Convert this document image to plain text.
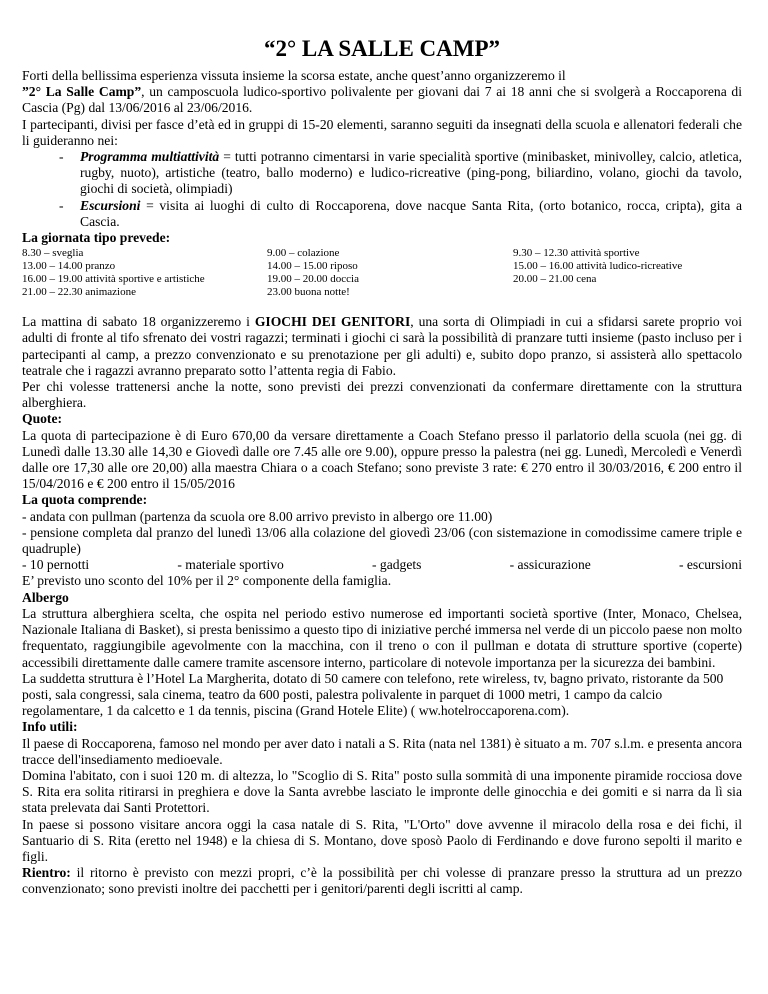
“2° LA SALLE CAMP”

Forti della bellissima esperienza vissuta insieme la scorsa estate, anche quest’anno organizzeremo il

”2° La Salle Camp”, un camposcuola ludico-sportivo polivalente per giovani dai 7 ai 18 anni che si svolgerà a Roccaporena di Cascia (Pg) dal 13/06/2016 al 23/06/2016.

I partecipanti, divisi per fasce d’età ed in gruppi di 15-20 elementi, saranno seguiti da insegnati della scuola e allenatori federali che li guideranno nei:

- Programma multiattività = tutti potranno cimentarsi in varie specialità sportive (minibasket, minivolley, calcio, atletica, rugby, nuoto), artistiche (teatro, ballo moderno) e ludico-ricreative (ping-pong, biliardino, volano, giochi da tavolo, giochi di società, olimpiadi)
- Escursioni = visita ai luoghi di culto di Roccaporena, dove nacque Santa Rita, (orto botanico, rocca, cripta), gita a Cascia.

La giornata tipo prevede:

8.30 – sveglia	9.00 – colazione	9.30 – 12.30 attività sportive
13.00 – 14.00 pranzo	14.00 – 15.00 riposo	15.00 – 16.00 attività ludico-ricreative
16.00 – 19.00 attività sportive e artistiche	19.00 – 20.00 doccia	20.00 – 21.00 cena
21.00 – 22.30 animazione	23.00 buona notte!

La mattina di sabato 18 organizzeremo i GIOCHI DEI GENITORI, una sorta di Olimpiadi in cui a sfidarsi sarete proprio voi adulti di fronte al tifo sfrenato dei vostri ragazzi; terminati i giochi ci sarà la possibilità di pranzare tutti insieme (pasto incluso per i partecipanti al camp, a prezzo convenzionato e su prenotazione per gli adulti) e, subito dopo pranzo, si assisterà allo spettacolo teatrale che i ragazzi avranno preparato sotto l’attenta regia di Fabio.

Per chi volesse trattenersi anche la notte, sono previsti dei prezzi convenzionati da confermare direttamente con la struttura alberghiera.

Quote:

La quota di partecipazione è di Euro 670,00 da versare direttamente a Coach Stefano presso il parlatorio della scuola (nei gg. di Lunedì dalle 13.30 alle 14,30 e Giovedì dalle ore 7.45 alle ore 9.00), oppure presso la palestra (nei gg. Lunedì, Mercoledì e Venerdì dalle ore 17,30 alle ore 20,00) alla maestra Chiara o a coach Stefano; sono previste 3 rate: € 270 entro il 30/03/2016, € 200 entro il 15/04/2016 e € 200 entro il 15/05/2016

La quota comprende:

- andata con pullman (partenza da scuola ore 8.00 arrivo previsto in albergo ore 11.00)

- pensione completa dal pranzo del lunedì 13/06 alla colazione del giovedì 23/06 (con sistemazione in comodissime camere triple e quadruple)

- 10 pernotti	- materiale sportivo	- gadgets	- assicurazione	- escursioni

E’ previsto uno sconto del 10% per il 2° componente della famiglia.

Albergo

La struttura alberghiera scelta, che ospita nel periodo estivo numerose ed importanti società sportive (Inter, Monaco, Chelsea, Nazionale Italiana di Basket), si presta benissimo a questo tipo di iniziative perché immersa nel verde di un piccolo paese non molto frequentato, raggiungibile agevolmente con la macchina, con il treno o con il pullman e dotata di strutture sportive (coperte) accessibili direttamente dalle camere tramite ascensore interno, particolare di notevole importanza per la sicurezza dei bambini.

La suddetta struttura è l’Hotel La Margherita, dotato di 50 camere con telefono, rete wireless, tv, bagno privato, ristorante da 500 posti, sala congressi, sala cinema, teatro da 600 posti, palestra polivalente in parquet di 1000 metri, 1 campo da calcio regolamentare, 1 da calcetto e 1 da tennis, piscina (Grand Hotele Elite) ( ww.hotelroccaporena.com).

Info utili:

Il paese di Roccaporena, famoso nel mondo per aver dato i natali a S. Rita (nata nel 1381) è situato a m. 707 s.l.m. e presenta ancora tracce dell'insediamento medioevale.

Domina l'abitato, con i suoi 120 m. di altezza, lo "Scoglio di S. Rita" posto sulla sommità di una imponente piramide rocciosa dove S. Rita era solita ritirarsi in preghiera e dove la Santa avrebbe lasciato le impronte delle ginocchia e dei gomiti e si narra da lì sia stata prelevata dai Santi Protettori.

In paese si possono visitare ancora oggi la casa natale di S. Rita, "L'Orto" dove avvenne il miracolo della rosa e dei fichi, il Santuario di S. Rita (eretto nel 1948) e la chiesa di S. Montano, dove sposò Paolo di Ferdinando e dove furono sepolti il marito e figli.

Rientro: il ritorno è previsto con mezzi propri, c’è la possibilità per chi volesse di pranzare presso la struttura ad un prezzo convenzionato; sono previsti inoltre dei pacchetti per i genitori/parenti degli iscritti al camp.
